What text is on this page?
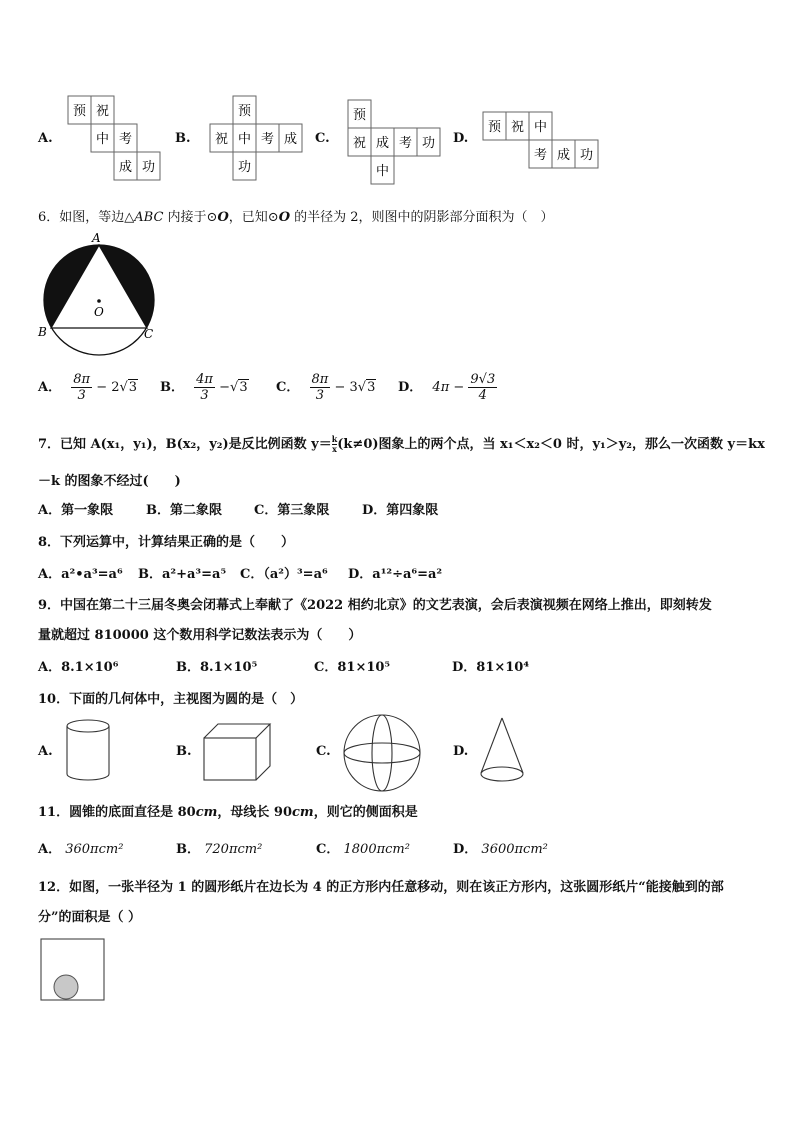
A.
预 祝
中 考
成 功
B.
预
祝 中 考 成
功
C.
预
祝 成 考 功
中
D.
预 祝 中
考 成 功
6．如图，等边△ABC 内接于⊙O，已知⊙O 的半径为 2，则图中的阴影部分面积为（　）
A
B	C
O
A． $\frac{8\pi}{3} - 2√3$ B． $\frac{4\pi}{3} -√3$ C． $\frac{8\pi}{3} - 3√3$ D． $4\pi - \frac{9√3}{4}$
7．已知 A(x₁，y₁)，B(x₂，y₂)是反比例函数 $y= \frac{k}{x} (k\ne 0)$图象上的两个点，当 x₁＜x₂＜0 时，y₁＞y₂，那么一次函数 y＝kx
－k 的图象不经过(　　)
A．第一象限	B．第二象限 C．第三象限	D．第四象限
8．下列运算中，计算结果正确的是（　　）
A．a²•a³=a⁶ B．a²+a³=a⁵ C．（a²）³=a⁶ D．a¹²÷a⁶=a²
9．中国在第二十三届冬奥会闭幕式上奉献了《2022 相约北京》的文艺表演，会后表演视频在网络上推出，即刻转发
量就超过 810000 这个数用科学记数法表示为（　　）
A．8.1×10⁶	B．8.1×10⁵	C．81×10⁵	D．81×10⁴
10．下面的几何体中，主视图为圆的是（　）
A.	B.	C.	D.
11．圆锥的底面直径是 80cm，母线长 90cm，则它的侧面积是
A． 360πcm²	B． 720πcm²	C． 1800πcm²	D． 3600πcm²
12．如图，一张半径为 1 的圆形纸片在边长为 4 的正方形内任意移动，则在该正方形内，这张圆形纸片“能接触到的部
分”的面积是（ ）
